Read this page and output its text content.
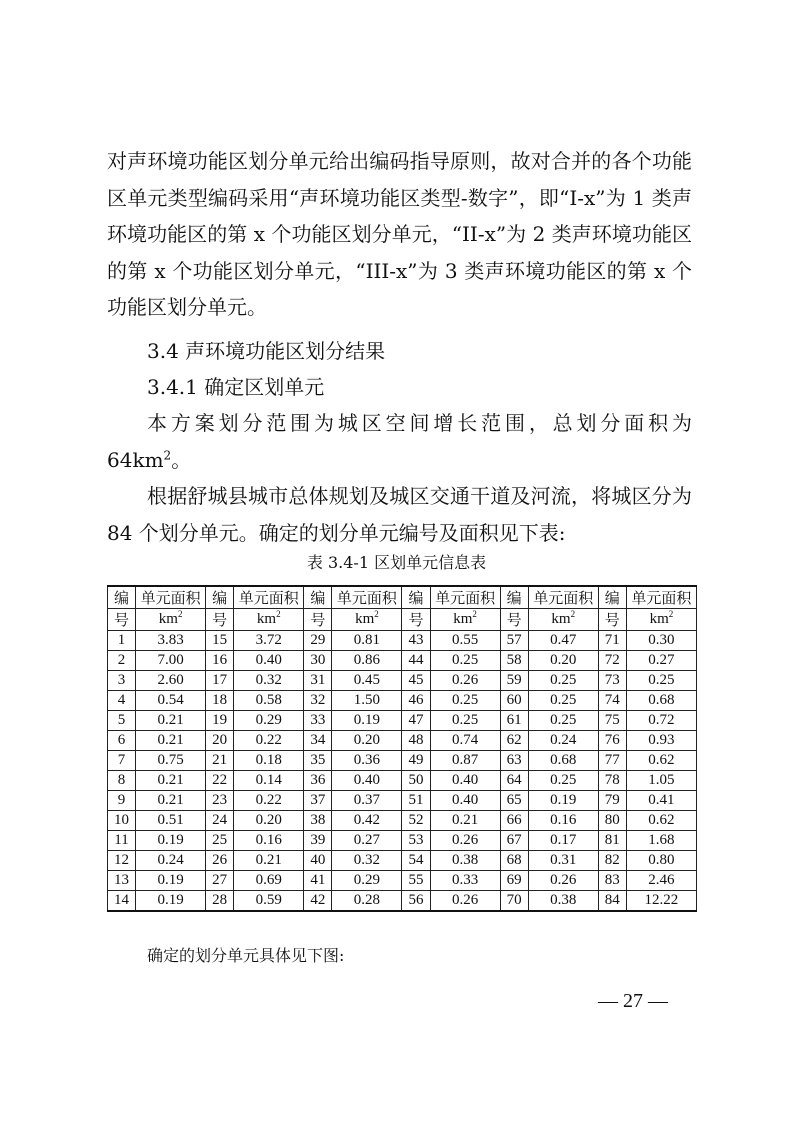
对声环境功能区划分单元给出编码指导原则，故对合并的各个功能区单元类型编码采用“声环境功能区类型-数字”，即“I-x”为 1 类声环境功能区的第 x 个功能区划分单元，“II-x”为 2 类声环境功能区的第 x 个功能区划分单元，“III-x”为 3 类声环境功能区的第 x 个功能区划分单元。
3.4 声环境功能区划分结果
3.4.1 确定区划单元
本方案划分范围为城区空间增长范围，总划分面积为 $64km^2$。
根据舒城县城市总体规划及城区交通干道及河流，将城区分为 84 个划分单元。确定的划分单元编号及面积见下表:
表 3.4-1 区划单元信息表
编	单元面积	编	单元面积	编	单元面积	编	单元面积	编	单元面积	编	单元面积
号	$km^2$	号	$km^2$	号	$km^2$	号	$km^2$	号	$km^2$	号	$km^2$
1	3.83	15	3.72	29	0.81	43	0.55	57	0.47	71	0.30
2	7.00	16	0.40	30	0.86	44	0.25	58	0.20	72	0.27
3	2.60	17	0.32	31	0.45	45	0.26	59	0.25	73	0.25
4	0.54	18	0.58	32	1.50	46	0.25	60	0.25	74	0.68
5	0.21	19	0.29	33	0.19	47	0.25	61	0.25	75	0.72
6	0.21	20	0.22	34	0.20	48	0.74	62	0.24	76	0.93
7	0.75	21	0.18	35	0.36	49	0.87	63	0.68	77	0.62
8	0.21	22	0.14	36	0.40	50	0.40	64	0.25	78	1.05
9	0.21	23	0.22	37	0.37	51	0.40	65	0.19	79	0.41
10	0.51	24	0.20	38	0.42	52	0.21	66	0.16	80	0.62
11	0.19	25	0.16	39	0.27	53	0.26	67	0.17	81	1.68
12	0.24	26	0.21	40	0.32	54	0.38	68	0.31	82	0.80
13	0.19	27	0.69	41	0.29	55	0.33	69	0.26	83	2.46
14	0.19	28	0.59	42	0.28	56	0.26	70	0.38	84	12.22
确定的划分单元具体见下图:
— 27 —
